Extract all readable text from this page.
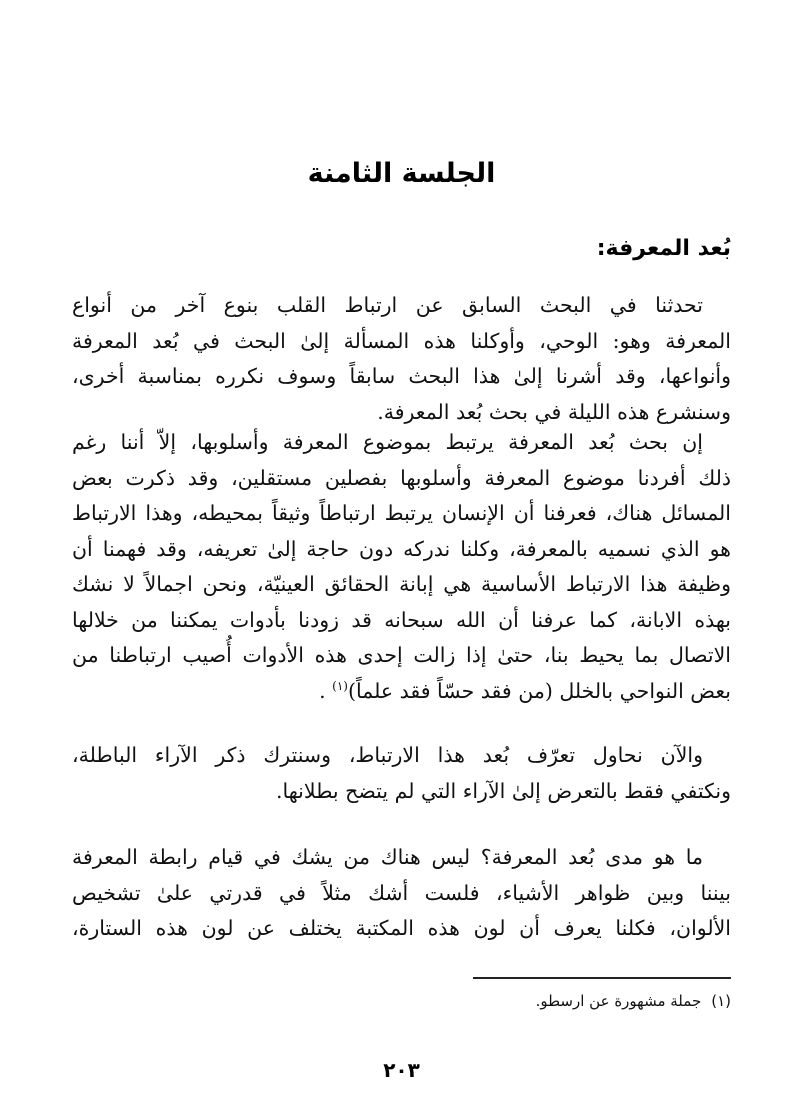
الجلسة الثامنة
بُعد المعرفة:
تحدثنا في البحث السابق عن ارتباط القلب بنوع آخر من أنواع
المعرفة وهو: الوحي، وأوكلنا هذه المسألة إلىٰ البحث في بُعد المعرفة
وأنواعها، وقد أشرنا إلىٰ هذا البحث سابقاً وسوف نكرره بمناسبة أخرى،
وسنشرع هذه الليلة في بحث بُعد المعرفة.
إن بحث بُعد المعرفة يرتبط بموضوع المعرفة وأسلوبها، إلاّ أننا رغم
ذلك أفردنا موضوع المعرفة وأسلوبها بفصلين مستقلين، وقد ذكرت بعض
المسائل هناك، فعرفنا أن الإنسان يرتبط ارتباطاً وثيقاً بمحيطه، وهذا الارتباط
هو الذي نسميه بالمعرفة، وكلنا ندركه دون حاجة إلىٰ تعريفه، وقد فهمنا أن
وظيفة هذا الارتباط الأساسية هي إبانة الحقائق العينيّة، ونحن اجمالاً لا نشك
بهذه الابانة، كما عرفنا أن الله سبحانه قد زودنا بأدوات يمكننا من خلالها
الاتصال بما يحيط بنا، حتىٰ إذا زالت إحدى هذه الأدوات أُصيب ارتباطنا من
بعض النواحي بالخلل (من فقد حسّاً فقد علماً)$^{(١)}$ .
والآن نحاول تعرّف بُعد هذا الارتباط، وسنترك ذكر الآراء الباطلة،
ونكتفي فقط بالتعرض إلىٰ الآراء التي لم يتضح بطلانها.
ما هو مدى بُعد المعرفة؟ ليس هناك من يشك في قيام رابطة المعرفة
بيننا وبين ظواهر الأشياء، فلست أشك مثلاً في قدرتي علىٰ تشخيص
الألوان، فكلنا يعرف أن لون هذه المكتبة يختلف عن لون هذه الستارة،
(١)جملة مشهورة عن ارسطو.
٢٠٣
